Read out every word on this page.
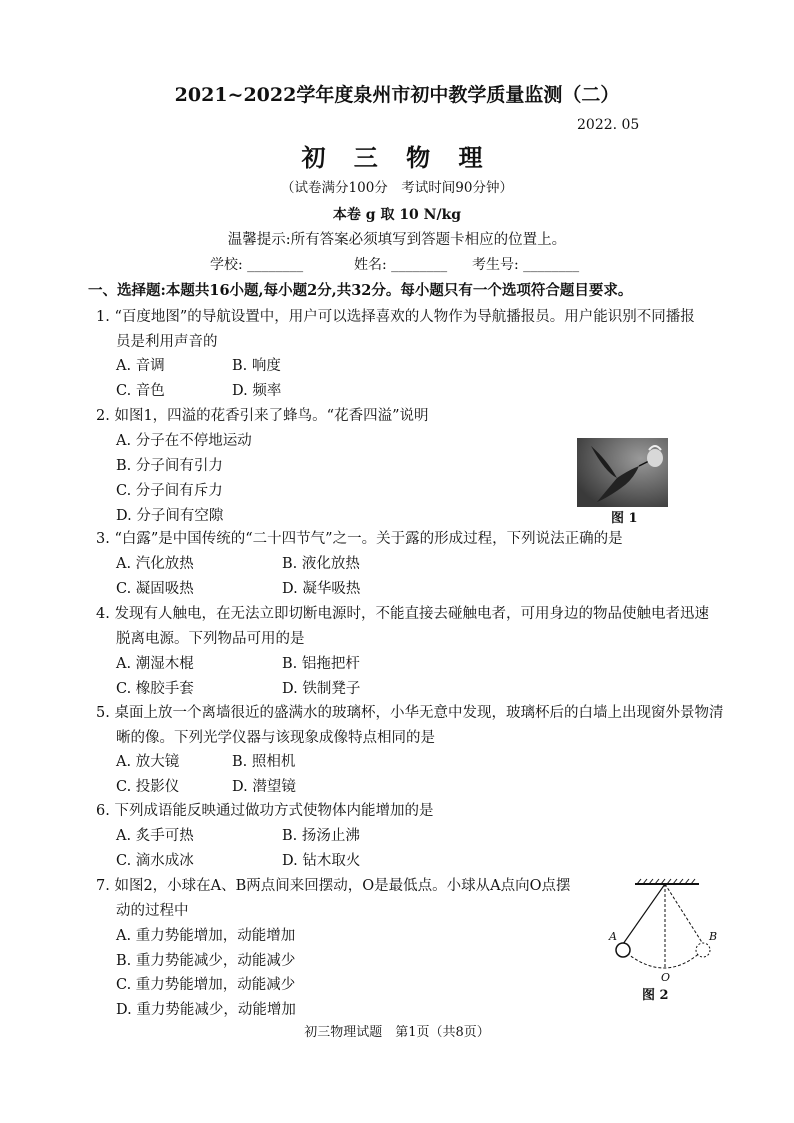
2021~2022学年度泉州市初中教学质量监测（二）
2022. 05
初 三 物 理
（试卷满分100分　考试时间90分钟）
本卷 g 取 10 N/kg
温馨提示:所有答案必须填写到答题卡相应的位置上。
学校: ________	姓名: ________ 考生号: ________
一、选择题:本题共16小题,每小题2分,共32分。每小题只有一个选项符合题目要求。
1. “百度地图”的导航设置中，用户可以选择喜欢的人物作为导航播报员。用户能识别不同播报
员是利用声音的
A. 音调	B. 响度
C. 音色	D. 频率
2. 如图1，四溢的花香引来了蜂鸟。“花香四溢”说明
A. 分子在不停地运动
B. 分子间有引力
C. 分子间有斥力
D. 分子间有空隙	图 1
3. “白露”是中国传统的“二十四节气”之一。关于露的形成过程，下列说法正确的是
A. 汽化放热	B. 液化放热
C. 凝固吸热	D. 凝华吸热
4. 发现有人触电，在无法立即切断电源时，不能直接去碰触电者，可用身边的物品使触电者迅速
脱离电源。下列物品可用的是
A. 潮湿木棍	B. 铝拖把杆
C. 橡胶手套	D. 铁制凳子
5. 桌面上放一个离墙很近的盛满水的玻璃杯，小华无意中发现，玻璃杯后的白墙上出现窗外景物清
晰的像。下列光学仪器与该现象成像特点相同的是
A. 放大镜	B. 照相机
C. 投影仪	D. 潜望镜
6. 下列成语能反映通过做功方式使物体内能增加的是
A. 炙手可热	B. 扬汤止沸
C. 滴水成冰	D. 钻木取火
7. 如图2，小球在A、B两点间来回摆动，O是最低点。小球从A点向O点摆
动的过程中
A. 重力势能增加，动能增加
B. 重力势能减少，动能减少
C. 重力势能增加，动能减少
D. 重力势能减少，动能增加
A	B
O
图 2
初三物理试题　第1页（共8页）
